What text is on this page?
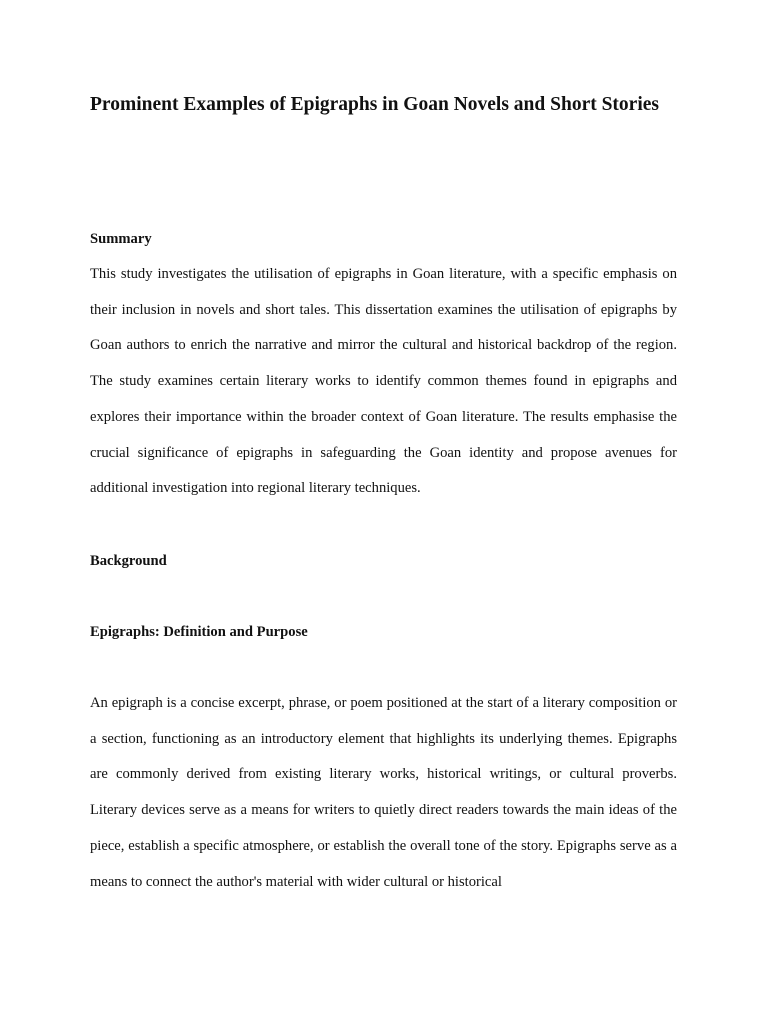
Prominent Examples of Epigraphs in Goan Novels and Short Stories
Summary

This study investigates the utilisation of epigraphs in Goan literature, with a specific emphasis on their inclusion in novels and short tales. This dissertation examines the utilisation of epigraphs by Goan authors to enrich the narrative and mirror the cultural and historical backdrop of the region. The study examines certain literary works to identify common themes found in epigraphs and explores their importance within the broader context of Goan literature. The results emphasise the crucial significance of epigraphs in safeguarding the Goan identity and propose avenues for additional investigation into regional literary techniques.

Background
Epigraphs: Definition and Purpose

An epigraph is a concise excerpt, phrase, or poem positioned at the start of a literary composition or a section, functioning as an introductory element that highlights its underlying themes. Epigraphs are commonly derived from existing literary works, historical writings, or cultural proverbs. Literary devices serve as a means for writers to quietly direct readers towards the main ideas of the piece, establish a specific atmosphere, or establish the overall tone of the story. Epigraphs serve as a means to connect the author's material with wider cultural or historical
